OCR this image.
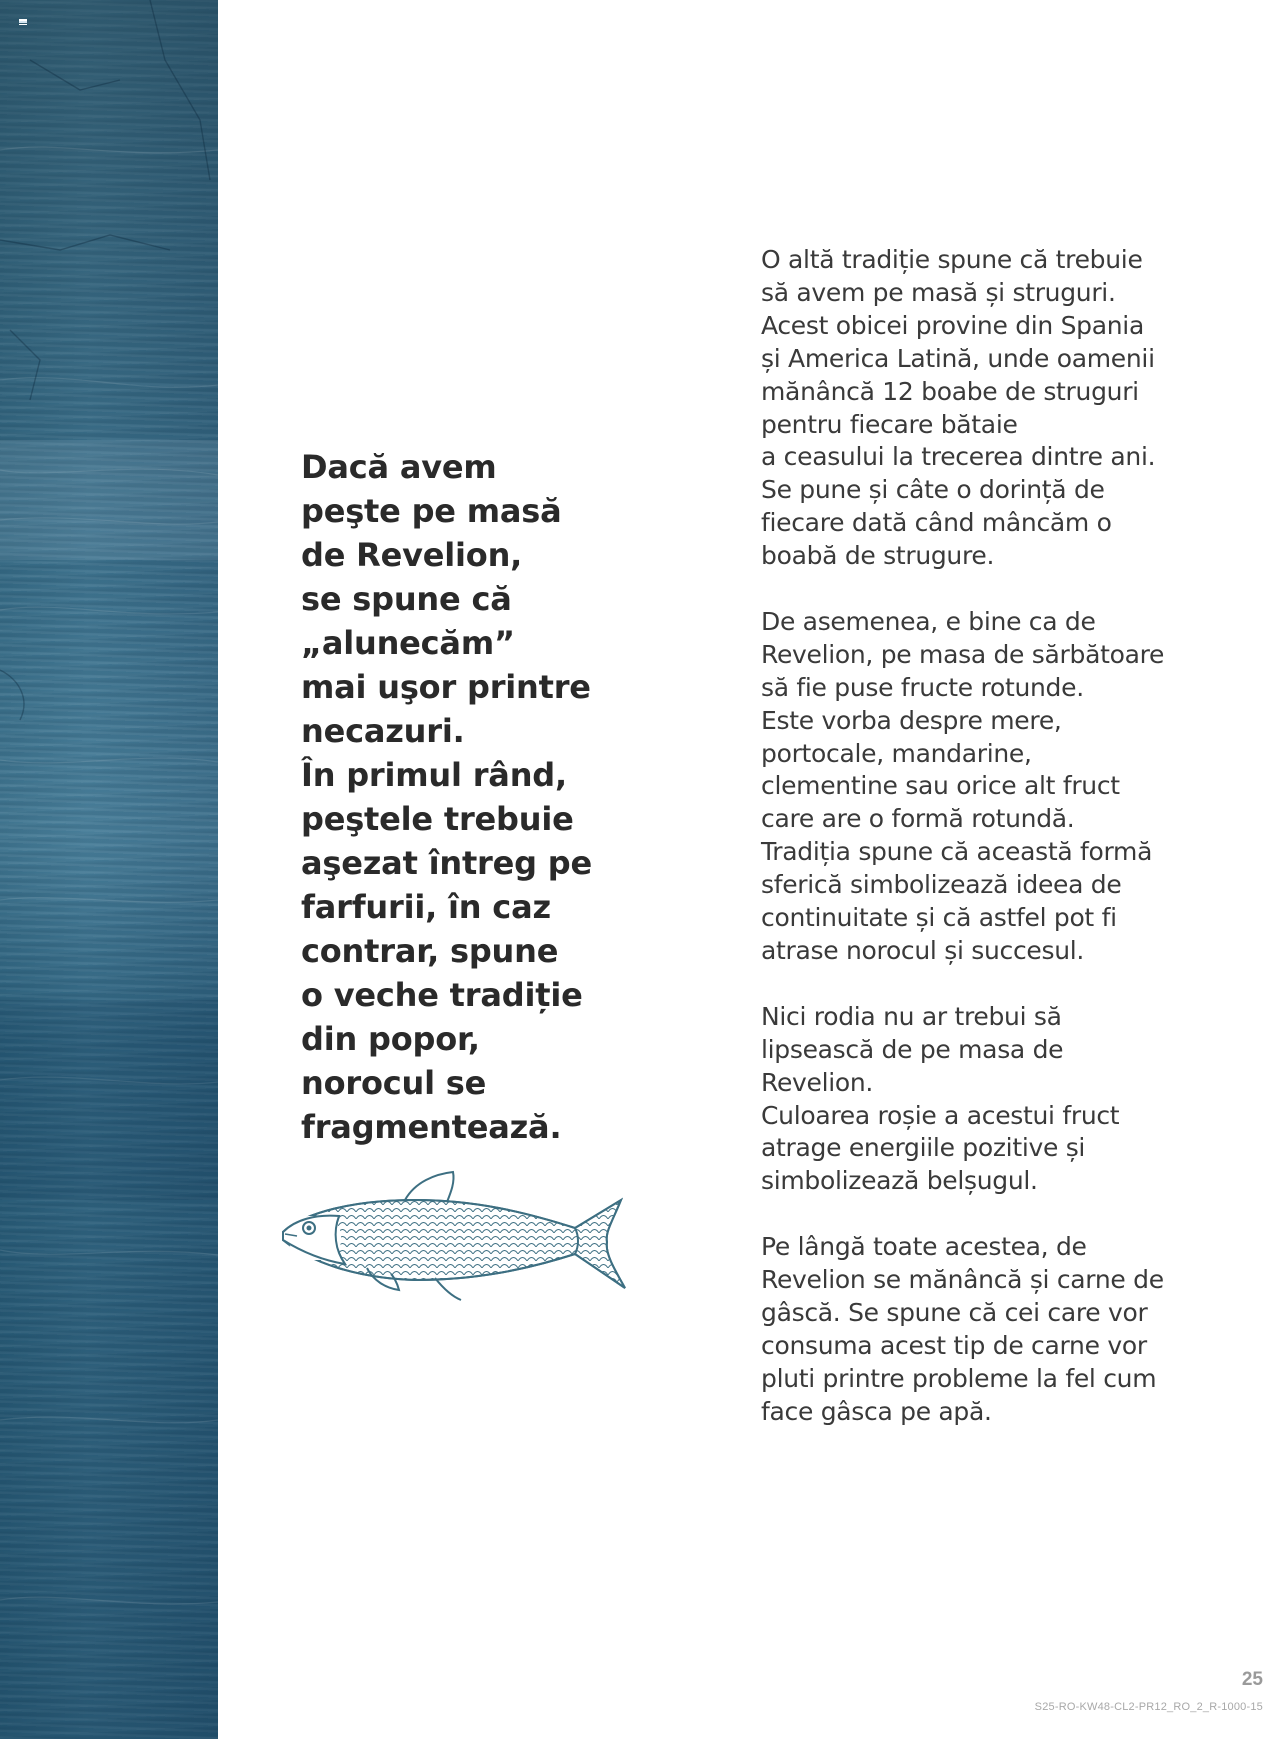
Dacă avem
peşte pe masă
de Revelion,
se spune că
„alunecăm”
mai uşor printre
necazuri.
În primul rând,
peştele trebuie
aşezat întreg pe
farfurii, în caz
contrar, spune
o veche tradiție
din popor,
norocul se
fragmentează.

O altă tradiție spune că trebuie
să avem pe masă și struguri.
Acest obicei provine din Spania
și America Latină, unde oamenii
mănâncă 12 boabe de struguri
pentru fiecare bătaie
a ceasului la trecerea dintre ani.
Se pune și câte o dorință de
fiecare dată când mâncăm o
boabă de strugure.

De asemenea, e bine ca de
Revelion, pe masa de sărbătoare
să fie puse fructe rotunde.
Este vorba despre mere,
portocale, mandarine,
clementine sau orice alt fruct
care are o formă rotundă.
Tradiția spune că această formă
sferică simbolizează ideea de
continuitate și că astfel pot fi
atrase norocul și succesul.

Nici rodia nu ar trebui să
lipsească de pe masa de
Revelion.
Culoarea roșie a acestui fruct
atrage energiile pozitive și
simbolizează belșugul.

Pe lângă toate acestea, de
Revelion se mănâncă și carne de
gâscă. Se spune că cei care vor
consuma acest tip de carne vor
pluti printre probleme la fel cum
face gâsca pe apă.

25
S25-RO-KW48-CL2-PR12_RO_2_R-1000-15
